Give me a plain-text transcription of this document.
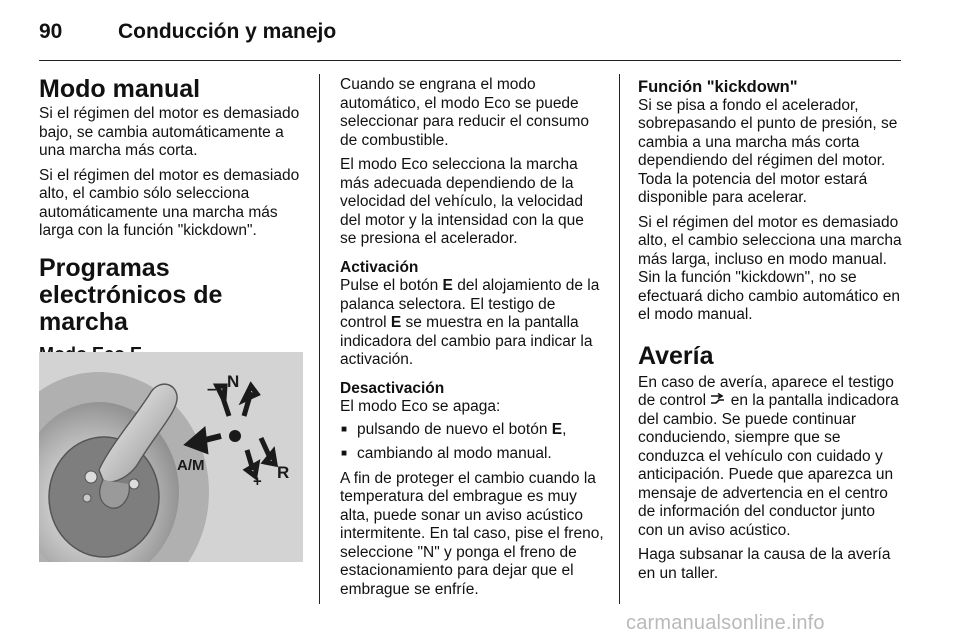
90	Conducción y manejo
Modo manual

Si el régimen del motor es demasiado bajo, se cambia automáticamente a una marcha más corta.

Si el régimen del motor es demasiado alto, el cambio sólo selecciona automáticamente una marcha más larga con la función "kickdown".

Programas electrónicos de marcha
N
–
A/M
+ R

Cuando se engrana el modo automático, el modo Eco se puede seleccionar para reducir el consumo de combustible.

El modo Eco selecciona la marcha más adecuada dependiendo de la velocidad del vehículo, la velocidad del motor y la intensidad con la que se presiona el acelerador.

Activación

Pulse el botón E del alojamiento de la palanca selectora. El testigo de control E se muestra en la pantalla indicadora del cambio para indicar la activación.

Desactivación

El modo Eco se apaga:

■ pulsando de nuevo el botón E,
■ cambiando al modo manual.

A fin de proteger el cambio cuando la temperatura del embrague es muy alta, puede sonar un aviso acústico intermitente. En tal caso, pise el freno, seleccione "N" y ponga el freno de estacionamiento para dejar que el embrague se enfríe.

Función "kickdown"

Si se pisa a fondo el acelerador, sobrepasando el punto de presión, se cambia a una marcha más corta dependiendo del régimen del motor. Toda la potencia del motor estará disponible para acelerar.

Si el régimen del motor es demasiado alto, el cambio selecciona una marcha más larga, incluso en modo manual. Sin la función "kickdown", no se efectuará dicho cambio automático en el modo manual.

Avería

En caso de avería, aparece el testigo de control  en la pantalla indicadora del cambio. Se puede continuar conduciendo, siempre que se conduzca el vehículo con cuidado y anticipación. Puede que aparezca un mensaje de advertencia en el centro de información del conductor junto con un aviso acústico.

Haga subsanar la causa de la avería en un taller.

carmanualsonline.info
